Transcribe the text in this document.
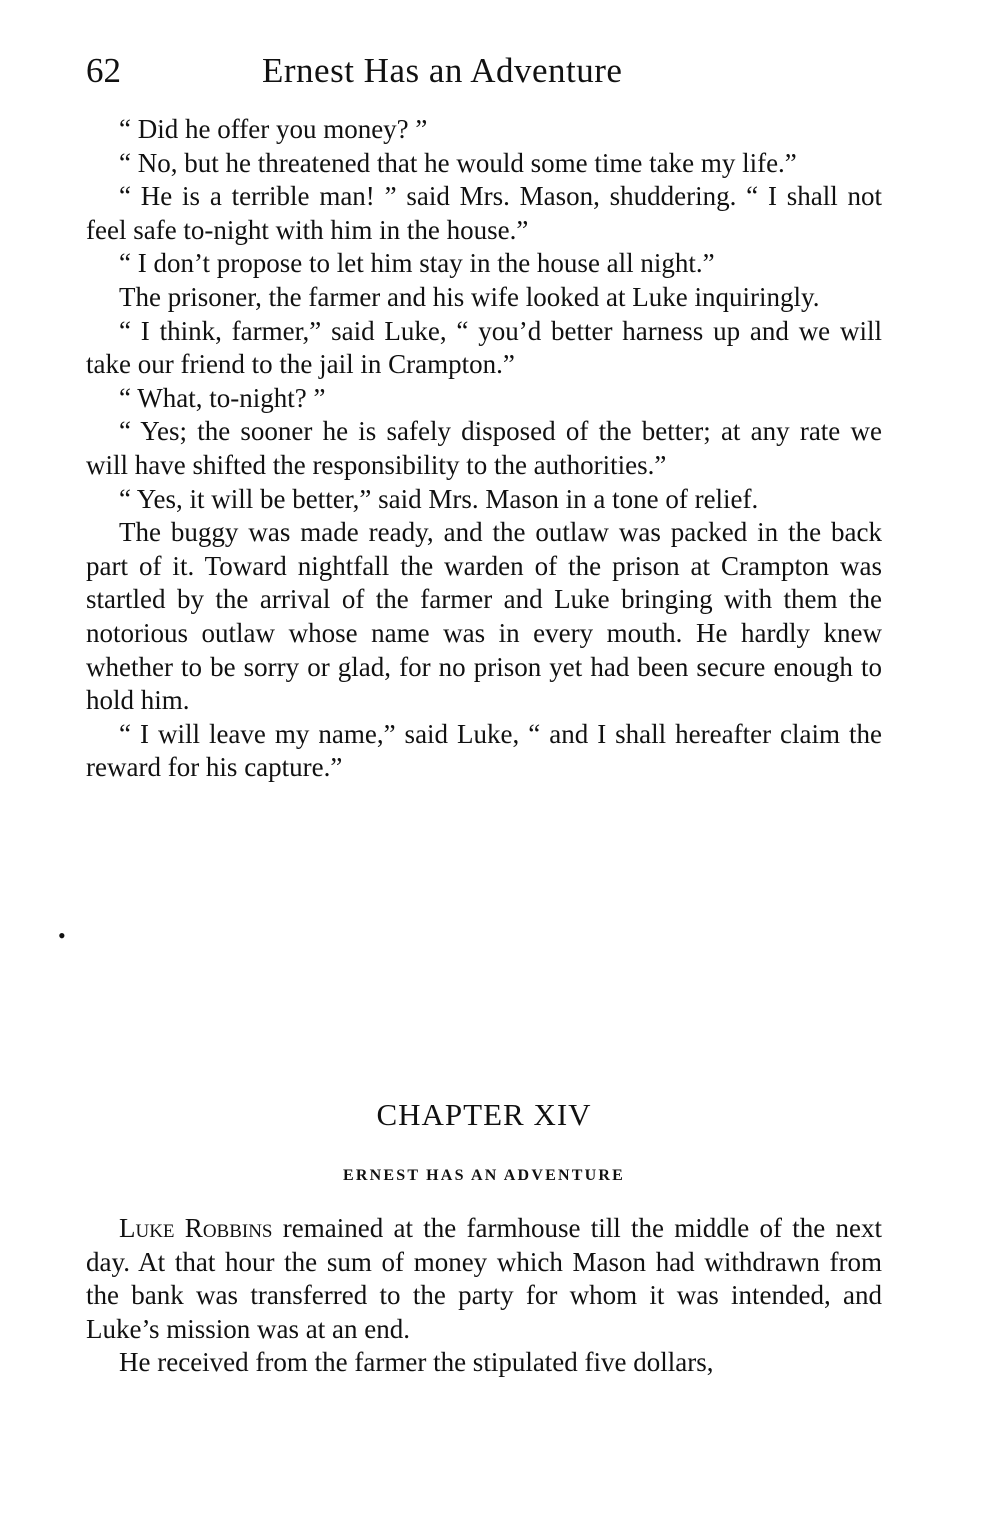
62	Ernest Has an Adventure

“ Did he offer you money? ”

“ No, but he threatened that he would some time take my life.”

“ He is a terrible man! ” said Mrs. Mason, shuddering. “ I shall not feel safe to-night with him in the house.”

“ I don’t propose to let him stay in the house all night.”

The prisoner, the farmer and his wife looked at Luke inquiringly.

“ I think, farmer,” said Luke, “ you’d better harness up and we will take our friend to the jail in Crampton.”

“ What, to-night? ”

“ Yes; the sooner he is safely disposed of the better; at any rate we will have shifted the responsibility to the authorities.”

“ Yes, it will be better,” said Mrs. Mason in a tone of relief.

The buggy was made ready, and the outlaw was packed in the back part of it. Toward nightfall the warden of the prison at Crampton was startled by the arrival of the farmer and Luke bringing with them the notorious outlaw whose name was in every mouth. He hardly knew whether to be sorry or glad, for no prison yet had been secure enough to hold him.

“ I will leave my name,” said Luke, “ and I shall hereafter claim the reward for his capture.”

•
CHAPTER XIV
ERNEST HAS AN ADVENTURE

Luke Robbins remained at the farmhouse till the middle of the next day. At that hour the sum of money which Mason had withdrawn from the bank was transferred to the party for whom it was intended, and Luke’s mission was at an end.

He received from the farmer the stipulated five dollars,
